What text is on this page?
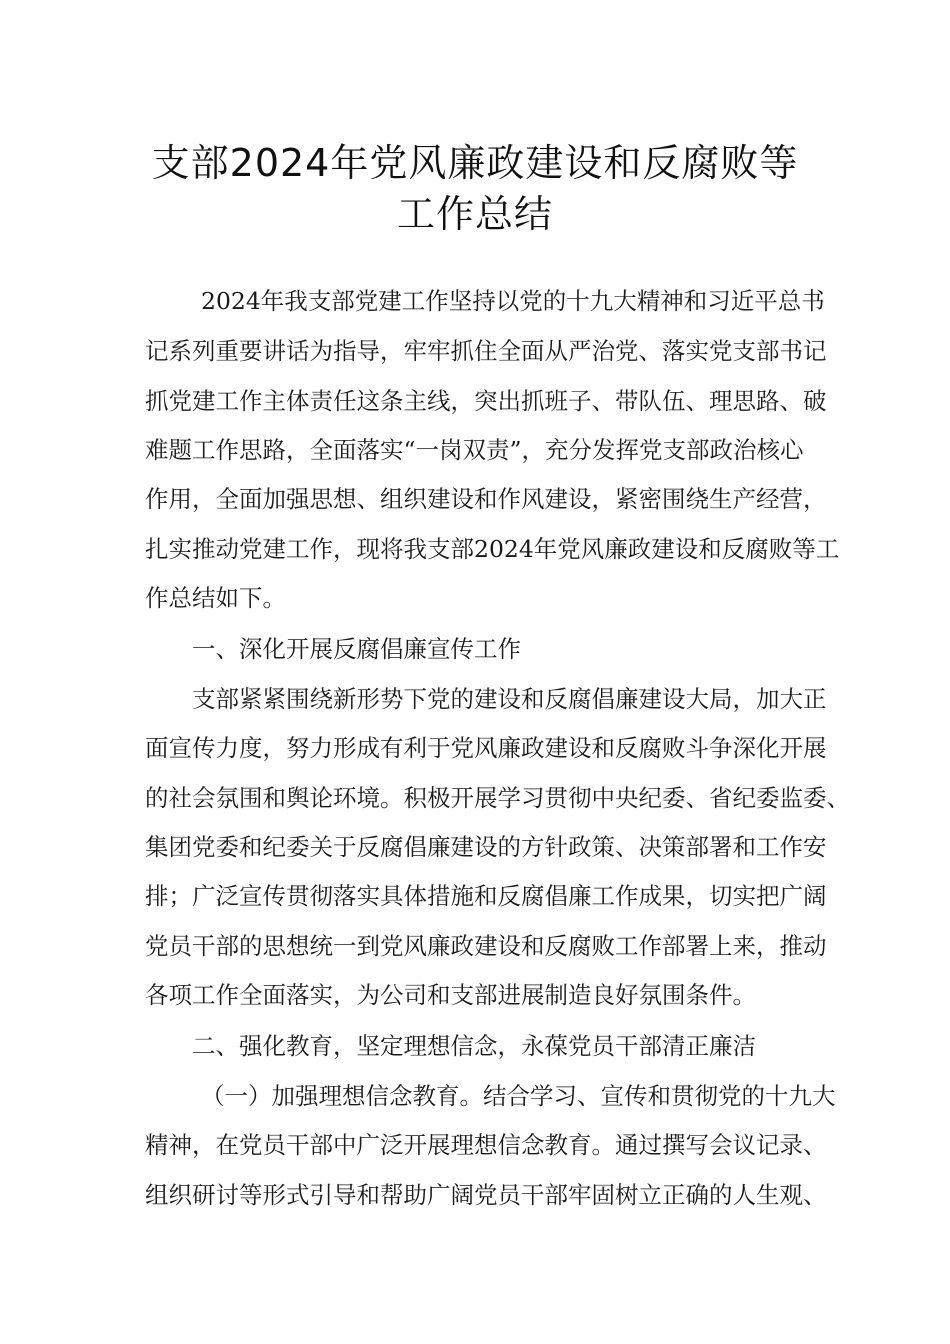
支部2024年党风廉政建设和反腐败等
工作总结
2024年我支部党建工作坚持以党的十九大精神和习近平总书
记系列重要讲话为指导，牢牢抓住全面从严治党、落实党支部书记
抓党建工作主体责任这条主线，突出抓班子、带队伍、理思路、破
难题工作思路，全面落实“一岗双责”，充分发挥党支部政治核心
作用，全面加强思想、组织建设和作风建设，紧密围绕生产经营，
扎实推动党建工作，现将我支部2024年党风廉政建设和反腐败等工
作总结如下。
一、深化开展反腐倡廉宣传工作
支部紧紧围绕新形势下党的建设和反腐倡廉建设大局，加大正
面宣传力度，努力形成有利于党风廉政建设和反腐败斗争深化开展
的社会氛围和舆论环境。积极开展学习贯彻中央纪委、省纪委监委、
集团党委和纪委关于反腐倡廉建设的方针政策、决策部署和工作安
排；广泛宣传贯彻落实具体措施和反腐倡廉工作成果，切实把广阔
党员干部的思想统一到党风廉政建设和反腐败工作部署上来，推动
各项工作全面落实，为公司和支部进展制造良好氛围条件。
二、强化教育，坚定理想信念，永葆党员干部清正廉洁
（一）加强理想信念教育。结合学习、宣传和贯彻党的十九大
精神，在党员干部中广泛开展理想信念教育。通过撰写会议记录、
组织研讨等形式引导和帮助广阔党员干部牢固树立正确的人生观、
